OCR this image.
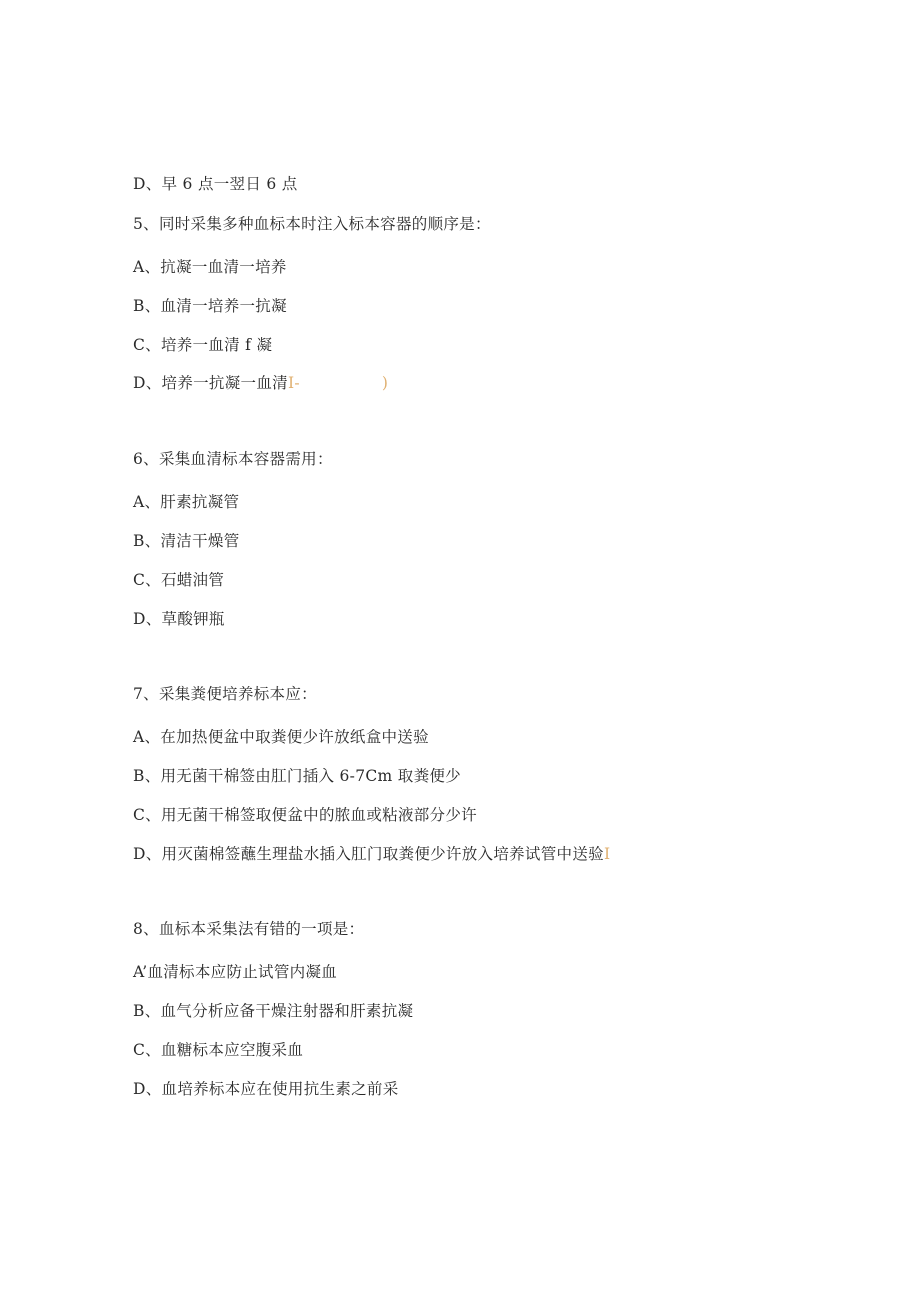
D、早 6 点一翌日 6 点
5、同时采集多种血标本时注入标本容器的顺序是：
A、抗凝一血清一培养
B、血清一培养一抗凝
C、培养一血清 f 凝
D、培养一抗凝一血清I-	)
6、采集血清标本容器需用：
A、肝素抗凝管
B、清洁干燥管
C、石蜡油管
D、草酸钾瓶
7、采集粪便培养标本应：
A、在加热便盆中取粪便少许放纸盒中送验
B、用无菌干棉签由肛门插入 6-7Cm 取粪便少
C、用无菌干棉签取便盆中的脓血或粘液部分少许
D、用灭菌棉签蘸生理盐水插入肛门取粪便少许放入培养试管中送验I
8、血标本采集法有错的一项是：
A’血清标本应防止试管内凝血
B、血气分析应备干燥注射器和肝素抗凝
C、血糖标本应空腹采血
D、血培养标本应在使用抗生素之前采
